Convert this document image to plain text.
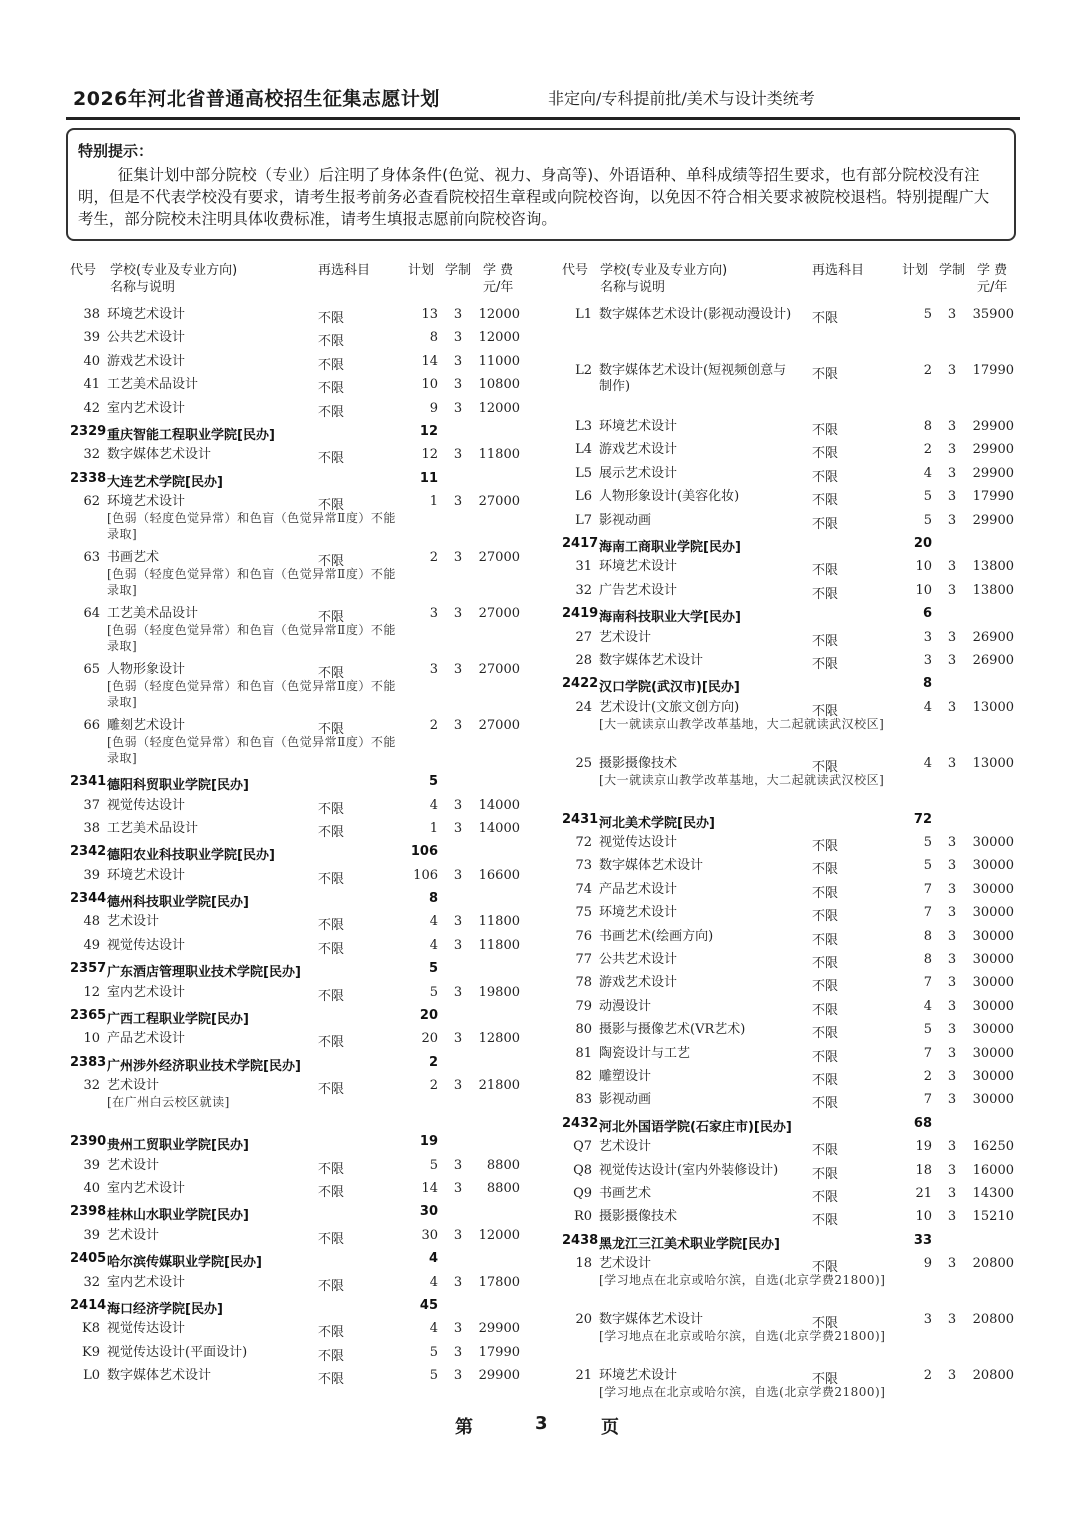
2026年河北省普通高校招生征集志愿计划	非定向/专科提前批/美术与设计类统考
特别提示：
征集计划中部分院校（专业）后注明了身体条件(色觉、视力、身高等)、外语语种、单科成绩等招生要求，也有部分院校没有注明，但是不代表学校没有要求，请考生报考前务必查看院校招生章程或向院校咨询，以免因不符合相关要求被院校退档。特别提醒广大考生，部分院校未注明具体收费标准，请考生填报志愿前向院校咨询。
代号 学校(专业及专业方向)
名称与说明
再选科目	计划 学制 学 费
元/年
38 环境艺术设计	不限	13	3	12000
39 公共艺术设计	不限	8	3	12000
40 游戏艺术设计	不限	14	3	11000
41 工艺美术品设计	不限	10	3	10800
42 室内艺术设计	不限	9	3	12000
2329 重庆智能工程职业学院[民办]	12
32 数字媒体艺术设计	不限	12	3	11800
2338 大连艺术学院[民办]	11
62 环境艺术设计
[色弱（轻度色觉异常）和色盲（色觉异常Ⅱ度）不能录取]
不限	1	3	27000
63 书画艺术
[色弱（轻度色觉异常）和色盲（色觉异常Ⅱ度）不能录取]
不限	2	3	27000
64 工艺美术品设计
[色弱（轻度色觉异常）和色盲（色觉异常Ⅱ度）不能录取]
不限	3	3	27000
65 人物形象设计
[色弱（轻度色觉异常）和色盲（色觉异常Ⅱ度）不能录取]
不限	3	3	27000
66 雕刻艺术设计
[色弱（轻度色觉异常）和色盲（色觉异常Ⅱ度）不能录取]
不限	2	3	27000
2341 德阳科贸职业学院[民办]	5
37 视觉传达设计	不限	4	3	14000
38 工艺美术品设计	不限	1	3	14000
2342 德阳农业科技职业学院[民办]	106
39 环境艺术设计	不限	106	3	16600
2344 德州科技职业学院[民办]	8
48 艺术设计	不限	4	3	11800
49 视觉传达设计	不限	4	3	11800
2357 广东酒店管理职业技术学院[民办]	5
12 室内艺术设计	不限	5	3	19800
2365 广西工程职业学院[民办]	20
10 产品艺术设计	不限	20	3	12800
2383 广州涉外经济职业技术学院[民办]	2
32 艺术设计
[在广州白云校区就读]
不限	2	3	21800
2390 贵州工贸职业学院[民办]	19
39 艺术设计	不限	5	3	8800
40 室内艺术设计	不限	14	3	8800
2398 桂林山水职业学院[民办]	30
39 艺术设计	不限	30	3	12000
2405 哈尔滨传媒职业学院[民办]	4
32 室内艺术设计	不限	4	3	17800
2414 海口经济学院[民办]	45
K8 视觉传达设计	不限	4	3	29900
K9 视觉传达设计(平面设计)	不限	5	3	17990
L0 数字媒体艺术设计	不限	5	3	29900
代号 学校(专业及专业方向)
名称与说明
再选科目	计划 学制 学 费
元/年
L1 数字媒体艺术设计(影视动漫设计)	不限	5	3	35900
L2 数字媒体艺术设计(短视频创意与制作)
不限	2	3	17990
L3 环境艺术设计	不限	8	3	29900
L4 游戏艺术设计	不限	2	3	29900
L5 展示艺术设计	不限	4	3	29900
L6 人物形象设计(美容化妆)	不限	5	3	17990
L7 影视动画	不限	5	3	29900
2417 海南工商职业学院[民办]	20
31 环境艺术设计	不限	10	3	13800
32 广告艺术设计	不限	10	3	13800
2419 海南科技职业大学[民办]	6
27 艺术设计	不限	3	3	26900
28 数字媒体艺术设计	不限	3	3	26900
2422 汉口学院(武汉市)[民办]	8
24 艺术设计(文旅文创方向)
[大一就读京山教学改革基地，大二起就读武汉校区]
不限	4	3	13000
25 摄影摄像技术
[大一就读京山教学改革基地，大二起就读武汉校区]
不限	4	3	13000
2431 河北美术学院[民办]	72
72 视觉传达设计	不限	5	3	30000
73 数字媒体艺术设计	不限	5	3	30000
74 产品艺术设计	不限	7	3	30000
75 环境艺术设计	不限	7	3	30000
76 书画艺术(绘画方向)	不限	8	3	30000
77 公共艺术设计	不限	8	3	30000
78 游戏艺术设计	不限	7	3	30000
79 动漫设计	不限	4	3	30000
80 摄影与摄像艺术(VR艺术)	不限	5	3	30000
81 陶瓷设计与工艺	不限	7	3	30000
82 雕塑设计	不限	2	3	30000
83 影视动画	不限	7	3	30000
2432 河北外国语学院(石家庄市)[民办]	68
Q7 艺术设计	不限	19	3	16250
Q8 视觉传达设计(室内外装修设计)	不限	18	3	16000
Q9 书画艺术	不限	21	3	14300
R0 摄影摄像技术	不限	10	3	15210
2438 黑龙江三江美术职业学院[民办]	33
18 艺术设计
[学习地点在北京或哈尔滨，自选(北京学费21800)]
不限	9	3	20800
20 数字媒体艺术设计
[学习地点在北京或哈尔滨，自选(北京学费21800)]
不限	3	3	20800
21 环境艺术设计
[学习地点在北京或哈尔滨，自选(北京学费21800)]
不限	2	3	20800
第	3	页
